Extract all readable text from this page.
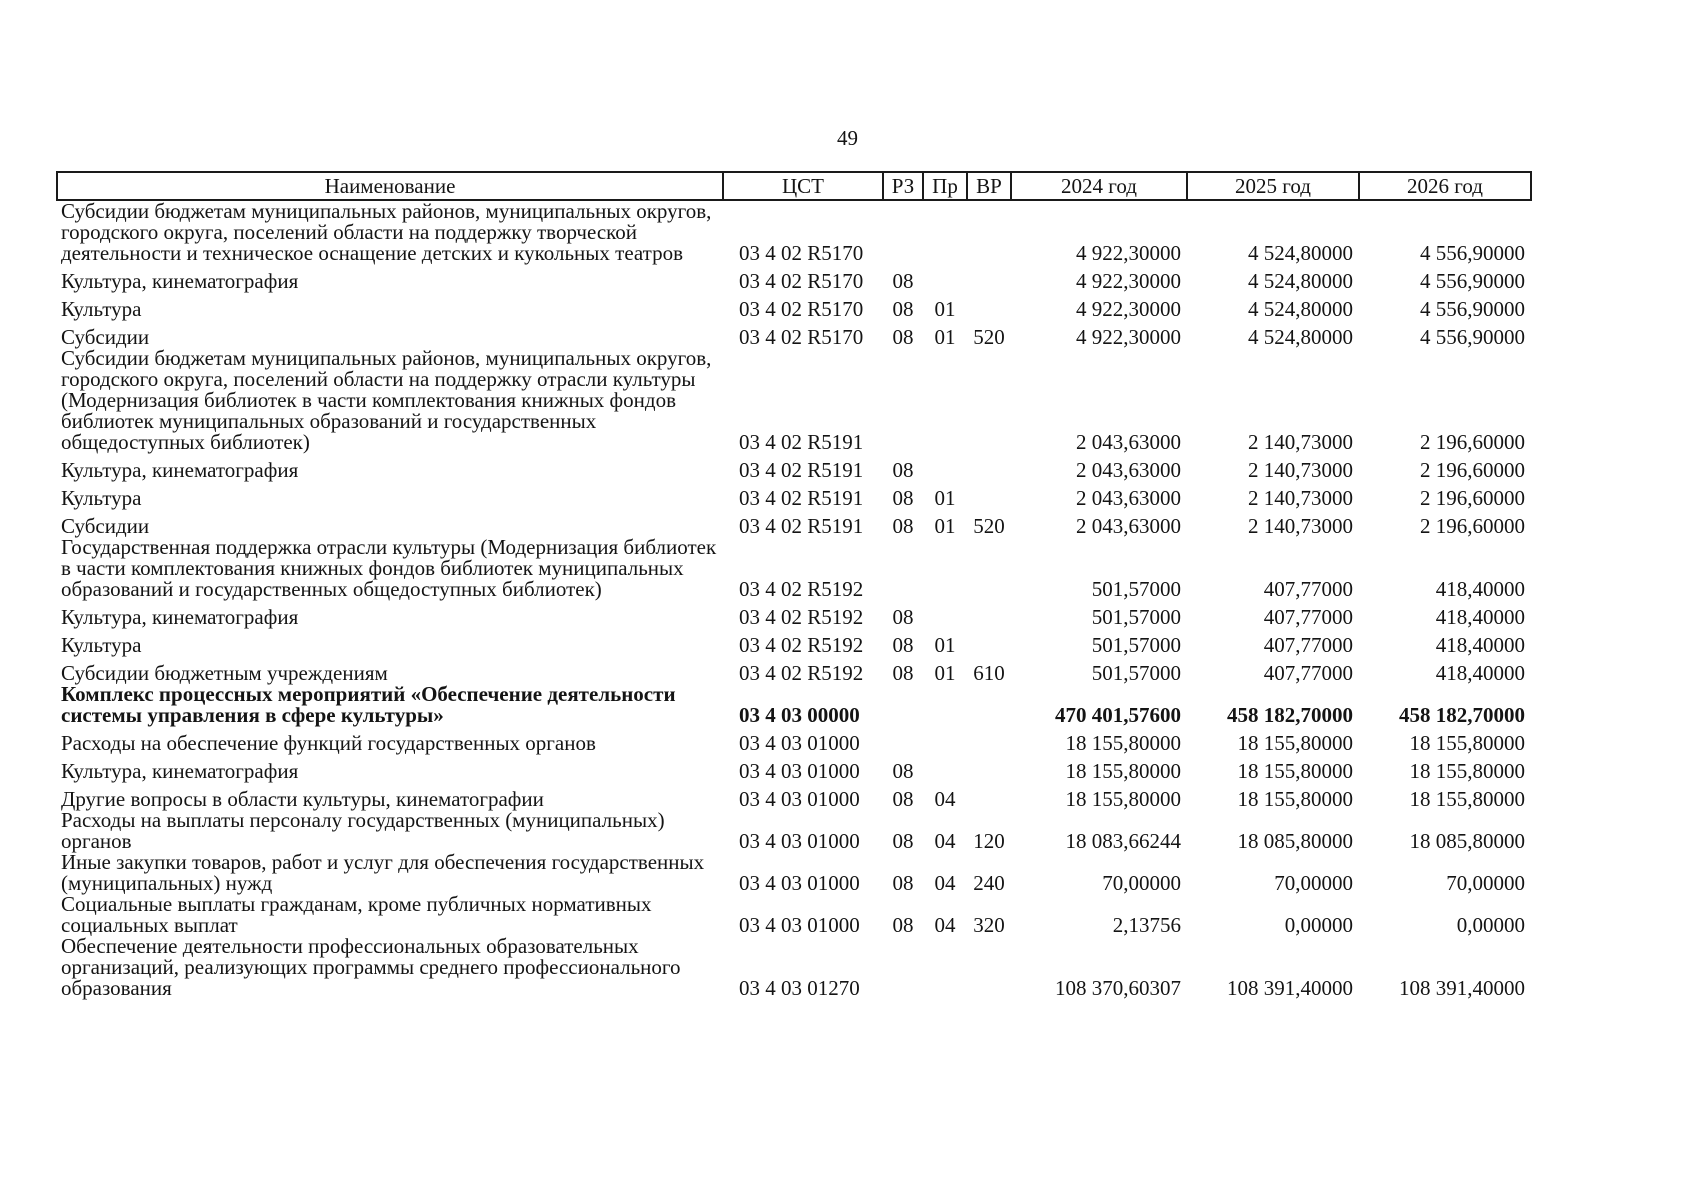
49
Наименование	ЦСТ	РЗ	Пр	ВР	2024 год	2025 год	2026 год
Субсидии бюджетам муниципальных районов, муниципальных округов, городского округа, поселений области на поддержку творческой деятельности и техническое оснащение детских и кукольных театров	03 4 02 R5170				4 922,30000	4 524,80000	4 556,90000
Культура, кинематография	03 4 02 R5170	08			4 922,30000	4 524,80000	4 556,90000
Культура	03 4 02 R5170	08	01		4 922,30000	4 524,80000	4 556,90000
Субсидии	03 4 02 R5170	08	01	520	4 922,30000	4 524,80000	4 556,90000
Субсидии бюджетам муниципальных районов, муниципальных округов, городского округа, поселений области на поддержку отрасли культуры (Модернизация библиотек в части комплектования книжных фондов библиотек муниципальных образований и государственных общедоступных библиотек)	03 4 02 R5191				2 043,63000	2 140,73000	2 196,60000
Культура, кинематография	03 4 02 R5191	08			2 043,63000	2 140,73000	2 196,60000
Культура	03 4 02 R5191	08	01		2 043,63000	2 140,73000	2 196,60000
Субсидии	03 4 02 R5191	08	01	520	2 043,63000	2 140,73000	2 196,60000
Государственная поддержка отрасли культуры (Модернизация библиотек в части комплектования книжных фондов библиотек муниципальных образований и государственных общедоступных библиотек)	03 4 02 R5192				501,57000	407,77000	418,40000
Культура, кинематография	03 4 02 R5192	08			501,57000	407,77000	418,40000
Культура	03 4 02 R5192	08	01		501,57000	407,77000	418,40000
Субсидии бюджетным учреждениям	03 4 02 R5192	08	01	610	501,57000	407,77000	418,40000
Комплекс процессных мероприятий «Обеспечение деятельности системы управления в сфере культуры»	03 4 03 00000				470 401,57600	458 182,70000	458 182,70000
Расходы на обеспечение функций государственных органов	03 4 03 01000				18 155,80000	18 155,80000	18 155,80000
Культура, кинематография	03 4 03 01000	08			18 155,80000	18 155,80000	18 155,80000
Другие вопросы в области культуры, кинематографии	03 4 03 01000	08	04		18 155,80000	18 155,80000	18 155,80000
Расходы на выплаты персоналу государственных (муниципальных) органов	03 4 03 01000	08	04	120	18 083,66244	18 085,80000	18 085,80000
Иные закупки товаров, работ и услуг для обеспечения государственных (муниципальных) нужд	03 4 03 01000	08	04	240	70,00000	70,00000	70,00000
Социальные выплаты гражданам, кроме публичных нормативных социальных выплат	03 4 03 01000	08	04	320	2,13756	0,00000	0,00000
Обеспечение деятельности профессиональных образовательных организаций, реализующих программы среднего профессионального образования	03 4 03 01270				108 370,60307	108 391,40000	108 391,40000
